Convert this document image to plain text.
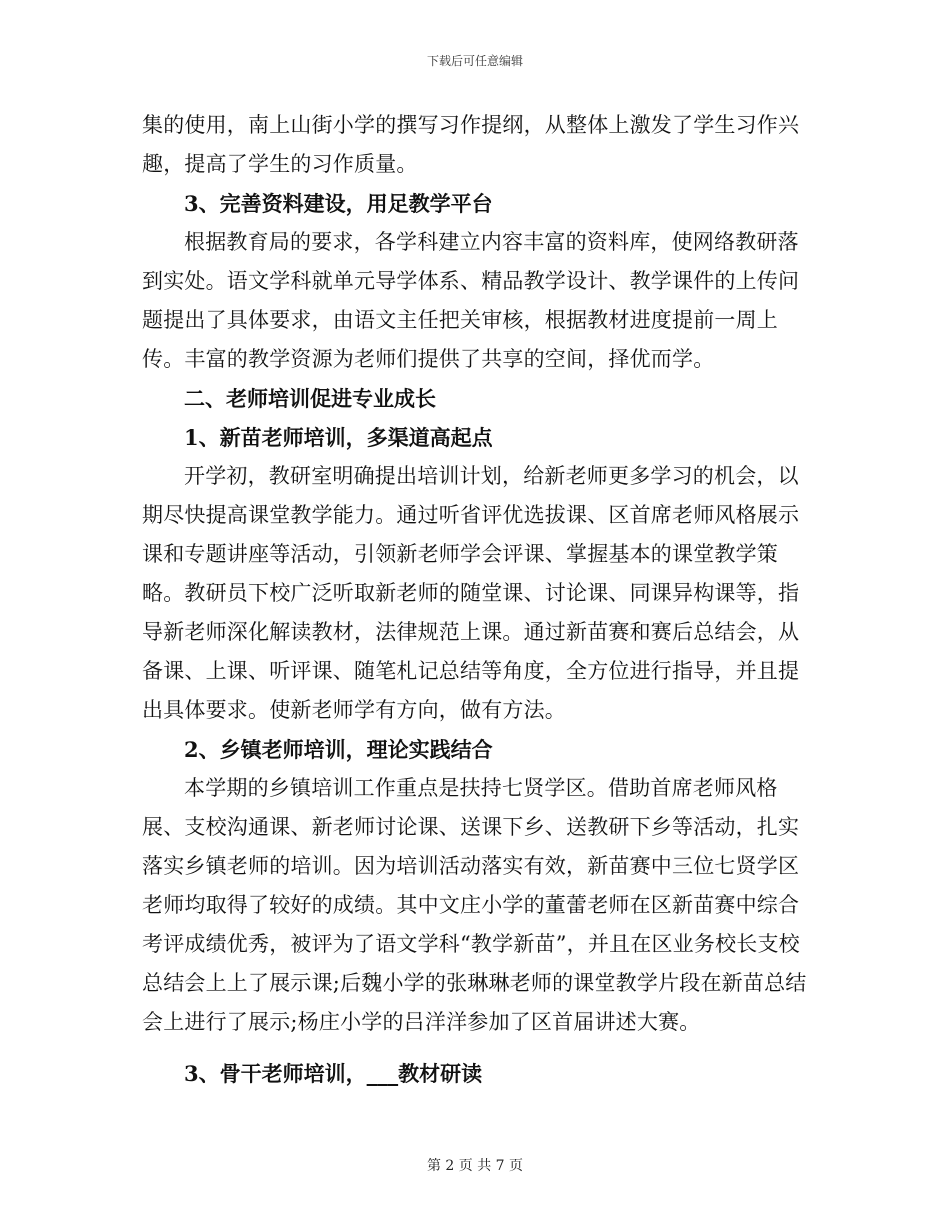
下载后可任意编辑

集的使用，南上山街小学的撰写习作提纲，从整体上激发了学生习作兴趣，提高了学生的习作质量。

3、完善资料建设，用足教学平台

根据教育局的要求，各学科建立内容丰富的资料库，使网络教研落到实处。语文学科就单元导学体系、精品教学设计、教学课件的上传问题提出了具体要求，由语文主任把关审核，根据教材进度提前一周上传。丰富的教学资源为老师们提供了共享的空间，择优而学。

二、老师培训促进专业成长

1、新苗老师培训，多渠道高起点

开学初，教研室明确提出培训计划，给新老师更多学习的机会，以期尽快提高课堂教学能力。通过听省评优选拔课、区首席老师风格展示课和专题讲座等活动，引领新老师学会评课、掌握基本的课堂教学策略。教研员下校广泛听取新老师的随堂课、讨论课、同课异构课等，指导新老师深化解读教材，法律规范上课。通过新苗赛和赛后总结会，从备课、上课、听评课、随笔札记总结等角度，全方位进行指导，并且提出具体要求。使新老师学有方向，做有方法。

2、乡镇老师培训，理论实践结合

本学期的乡镇培训工作重点是扶持七贤学区。借助首席老师风格展、支校沟通课、新老师讨论课、送课下乡、送教研下乡等活动，扎实落实乡镇老师的培训。因为培训活动落实有效，新苗赛中三位七贤学区老师均取得了较好的成绩。其中文庄小学的董蕾老师在区新苗赛中综合考评成绩优秀，被评为了语文学科“教学新苗”，并且在区业务校长支校总结会上上了展示课;后魏小学的张琳琳老师的课堂教学片段在新苗总结会上进行了展示;杨庄小学的吕洋洋参加了区首届讲述大赛。

3、骨干老师培训，___教材研读

第 2 页 共 7 页
